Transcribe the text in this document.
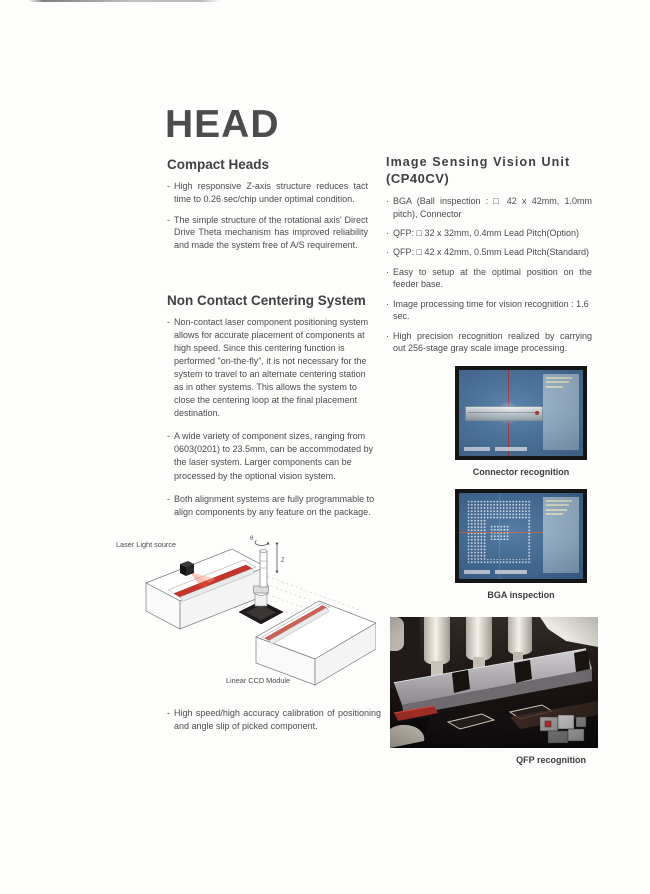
HEAD
Compact Heads
- High responsive Z-axis structure reduces tact time to 0.26 sec/chip under optimal condition.
- The simple structure of the rotational axis' Direct Drive Theta mechanism has improved reliability and made the system free of A/S requirement.
Non Contact Centering System
- Non-contact laser component positioning system allows for accurate placement of components at high speed. Since this centering function is performed "on-the-fly", it is not necessary for the system to travel to an alternate centering station as in other systems. This allows the system to close the centering loop at the final placement destination.
- A wide variety of component sizes, ranging from 0603(0201) to 23.5mm, can be accommodated by the laser system. Larger components can be processed by the optional vision system.
- Both alignment systems are fully programmable to align components by any feature on the package.
Laser Light source
Linear CCD Module
θ
Z
- High speed/high accuracy calibration of positioning and angle slip of picked component.
Image Sensing Vision Unit
(CP40CV)
· BGA (Ball inspection : □ 42 x 42mm, 1.0mm pitch), Connector
· QFP: □ 32 x 32mm, 0.4mm Lead Pitch(Option)
· QFP: □ 42 x 42mm, 0.5mm Lead Pitch(Standard)
· Easy to setup at the optimal position on the feeder base.
· Image processing time for vision recognition : 1.6 sec.
· High precision recognition realized by carrying out 256-stage gray scale image processing.
Connector recognition
BGA inspection
QFP recognition
